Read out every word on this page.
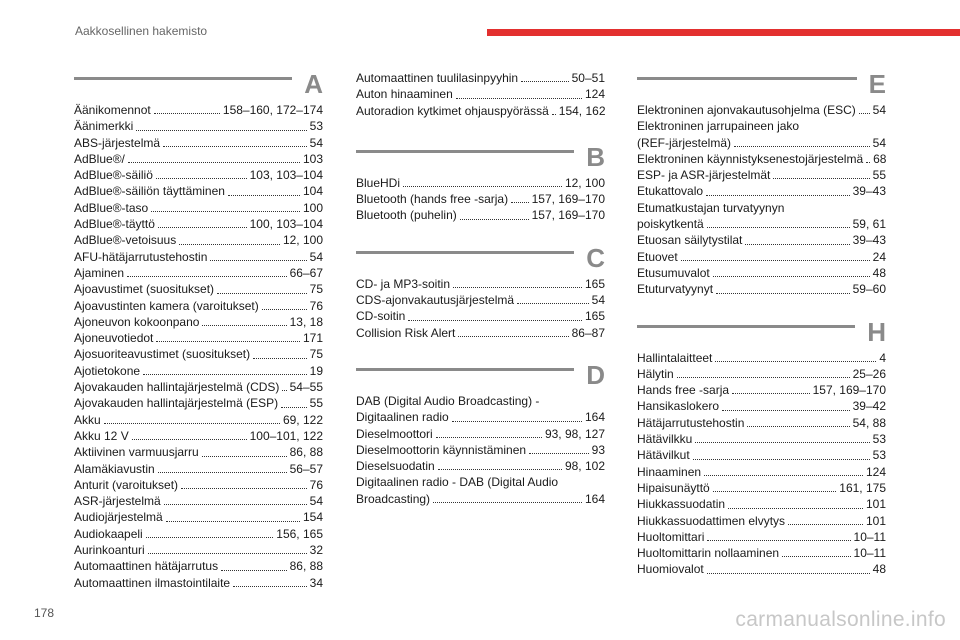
Aakkosellinen hakemisto
A
Äänikomennot	158–160, 172–174
Äänimerkki	53
ABS-järjestelmä	54
AdBlue®/	103
AdBlue®-säiliö	103, 103–104
AdBlue®-säiliön täyttäminen	104
AdBlue®-taso	100
AdBlue®-täyttö	100, 103–104
AdBlue®-vetoisuus	12, 100
AFU-hätäjarrutustehostin	54
Ajaminen	66–67
Ajoavustimet (suositukset)	75
Ajoavustinten kamera (varoitukset)	76
Ajoneuvon kokoonpano	13, 18
Ajoneuvotiedot	171
Ajosuoriteavustimet (suositukset)	75
Ajotietokone	19
Ajovakauden hallintajärjestelmä (CDS) 54–55
Ajovakauden hallintajärjestelmä (ESP)	55
Akku	69, 122
Akku 12 V	100–101, 122
Aktiivinen varmuusjarru	86, 88
Alamäkiavustin	56–57
Anturit (varoitukset)	76
ASR-järjestelmä	54
Audiojärjestelmä	154
Audiokaapeli	156, 165
Aurinkoanturi	32
Automaattinen hätäjarrutus	86, 88
Automaattinen ilmastointilaite	34
Automaattinen tuulilasinpyyhin	50–51
Auton hinaaminen	124
Autoradion kytkimet ohjauspyörässä 154, 162
B
BlueHDi	12, 100
Bluetooth (hands free -sarja) 157, 169–170
Bluetooth (puhelin)	157, 169–170
C
CD- ja MP3-soitin	165
CDS-ajonvakautusjärjestelmä	54
CD-soitin	165
Collision Risk Alert	86–87
D
DAB (Digital Audio Broadcasting) -
Digitaalinen radio	164
Dieselmoottori	93, 98, 127
Dieselmoottorin käynnistäminen	93
Dieselsuodatin	98, 102
Digitaalinen radio - DAB (Digital Audio
Broadcasting)	164
E
Elektroninen ajonvakautusohjelma (ESC) 54
Elektroninen jarrupaineen jako
(REF-järjestelmä)	54
Elektroninen käynnistyksenestojärjestelmä 68
ESP- ja ASR-järjestelmät	55
Etukattovalo	39–43
Etumatkustajan turvatyynyn
poiskytkentä	59, 61
Etuosan säilytystilat	39–43
Etuovet	24
Etusumuvalot	48
Etuturvatyynyt	59–60
H
Hallintalaitteet	4
Hälytin	25–26
Hands free -sarja	157, 169–170
Hansikaslokero	39–42
Hätäjarrutustehostin	54, 88
Hätävilkku	53
Hätävilkut	53
Hinaaminen	124
Hipaisunäyttö	161, 175
Hiukkassuodatin	101
Hiukkassuodattimen elvytys	101
Huoltomittari	10–11
Huoltomittarin nollaaminen	10–11
Huomiovalot	48
178	carmanualsonline.info
